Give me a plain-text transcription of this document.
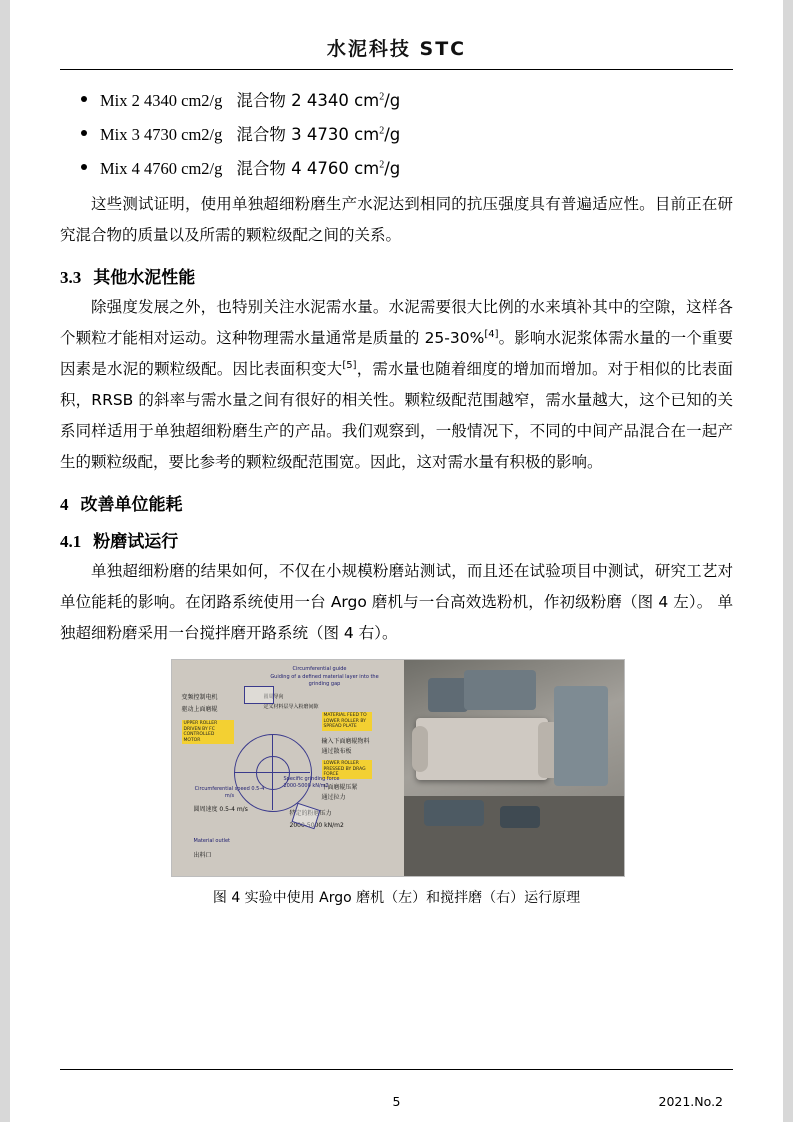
水泥科技 STC
Mix 2 4340 cm2/g 混合物 2 4340 $cm^2/g$
Mix 3 4730 cm2/g 混合物 3 4730 $cm^2/g$
Mix 4 4760 cm2/g 混合物 4 4760 $cm^2/g$

这些测试证明，使用单独超细粉磨生产水泥达到相同的抗压强度具有普遍适应性。目前正在研究混合物的质量以及所需的颗粒级配之间的关系。

3.3 其他水泥性能

除强度发展之外，也特别关注水泥需水量。水泥需要很大比例的水来填补其中的空隙，这样各个颗粒才能相对运动。这种物理需水量通常是质量的 25-30%[4]。影响水泥浆体需水量的一个重要因素是水泥的颗粒级配。因比表面积变大[5]，需水量也随着细度的增加而增加。对于相似的比表面积，RRSB 的斜率与需水量之间有很好的相关性。颗粒级配范围越窄，需水量越大，这个已知的关系同样适用于单独超细粉磨生产的产品。我们观察到，一般情况下，不同的中间产品混合在一起产生的颗粒级配，要比参考的颗粒级配范围宽。因此，这对需水量有积极的影响。

4 改善单位能耗
4.1 粉磨试运行

单独超细粉磨的结果如何，不仅在小规模粉磨站测试，而且还在试验项目中测试，研究工艺对单位能耗的影响。在闭路系统使用一台 Argo 磨机与一台高效选粉机，作初级粉磨（图 4 左）。 单独超细粉磨采用一台搅拌磨开路系统（图 4 右）。

Circumferential guide
Guiding of a defined material layer into the grinding gap
圆周导向
定义材料层导入粉磨间隙
变频控制电机
驱动上面磨辊
UPPER ROLLER DRIVEN BY FC CONTROLLED MOTOR
MATERIAL FEED TO LOWER ROLLER BY SPREAD PLATE
输入下面磨辊物料
通过散布板
LOWER ROLLER PRESSED BY DRAG FORCE
下面磨辊压紧
通过拉力
Circumferential speed 0.5-4 m/s
圆周速度 0.5-4 m/s
Specific grinding force 2000-5000 kN/m2
特定的粉磨压力
2000-5000 kN/m2
Material outlet
出料口
图 4 实验中使用 Argo 磨机（左）和搅拌磨（右）运行原理
5	2021.No.2
